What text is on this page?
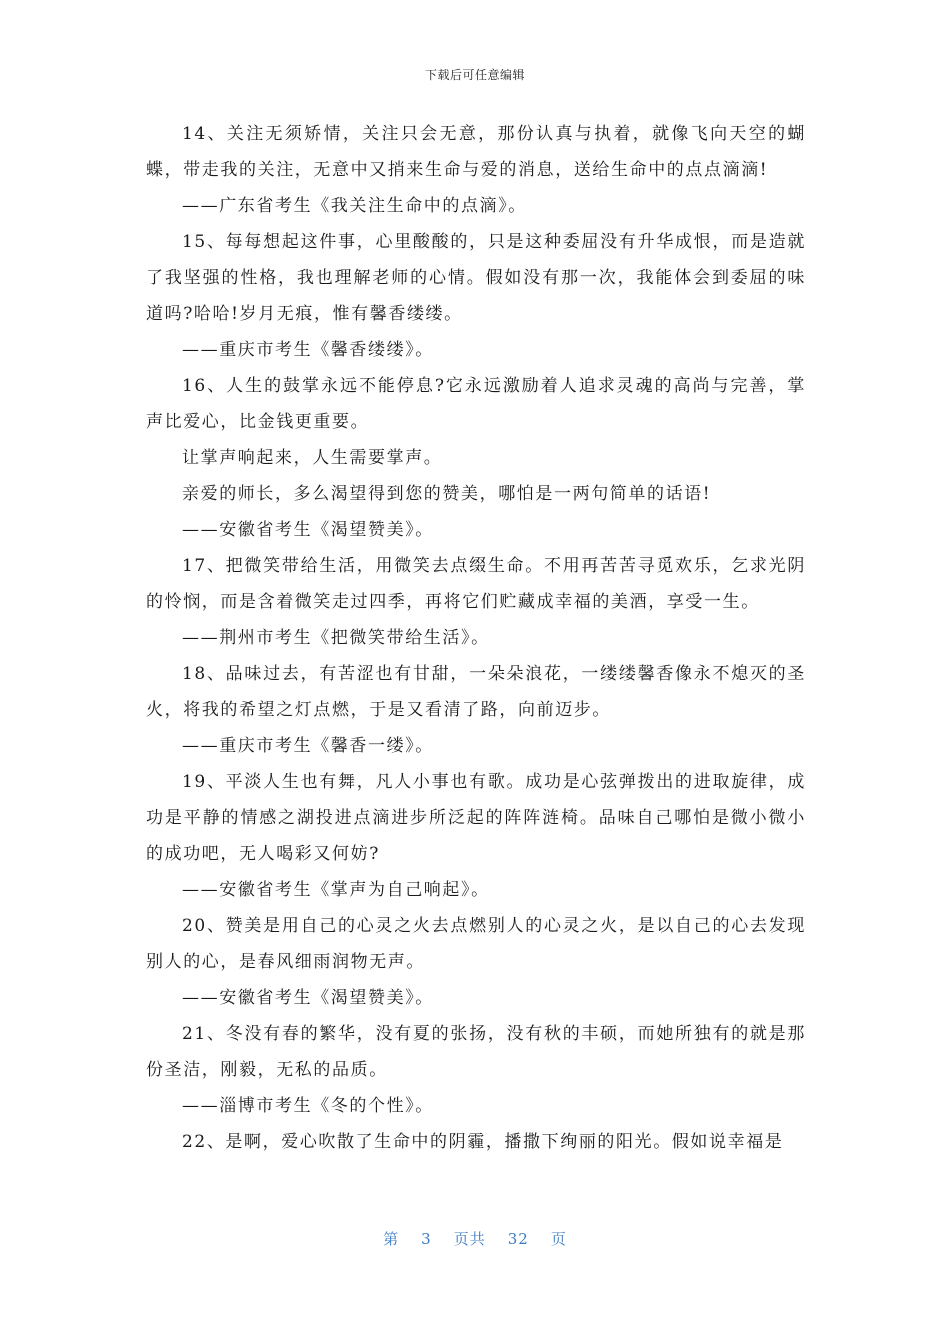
下载后可任意编辑

14、关注无须矫情，关注只会无意，那份认真与执着，就像飞向天空的蝴蝶，带走我的关注，无意中又捎来生命与爱的消息，送给生命中的点点滴滴!

——广东省考生《我关注生命中的点滴》。

15、每每想起这件事，心里酸酸的，只是这种委屈没有升华成恨，而是造就了我坚强的性格，我也理解老师的心情。假如没有那一次，我能体会到委屈的味道吗?哈哈!岁月无痕，惟有馨香缕缕。

——重庆市考生《馨香缕缕》。

16、人生的鼓掌永远不能停息?它永远激励着人追求灵魂的高尚与完善，掌声比爱心，比金钱更重要。

让掌声响起来，人生需要掌声。

亲爱的师长，多么渴望得到您的赞美，哪怕是一两句简单的话语!

——安徽省考生《渴望赞美》。

17、把微笑带给生活，用微笑去点缀生命。不用再苦苦寻觅欢乐，乞求光阴的怜悯，而是含着微笑走过四季，再将它们贮藏成幸福的美酒，享受一生。

——荆州市考生《把微笑带给生活》。

18、品味过去，有苦涩也有甘甜，一朵朵浪花，一缕缕馨香像永不熄灭的圣火，将我的希望之灯点燃，于是又看清了路，向前迈步。

——重庆市考生《馨香一缕》。

19、平淡人生也有舞，凡人小事也有歌。成功是心弦弹拨出的进取旋律，成功是平静的情感之湖投进点滴进步所泛起的阵阵涟椅。品味自己哪怕是微小微小的成功吧，无人喝彩又何妨?

——安徽省考生《掌声为自己响起》。

20、赞美是用自己的心灵之火去点燃别人的心灵之火，是以自己的心去发现别人的心，是春风细雨润物无声。

——安徽省考生《渴望赞美》。

21、冬没有春的繁华，没有夏的张扬，没有秋的丰硕，而她所独有的就是那份圣洁，刚毅，无私的品质。

——淄博市考生《冬的个性》。

22、是啊，爱心吹散了生命中的阴霾，播撒下绚丽的阳光。假如说幸福是

第 3 页共 32 页
